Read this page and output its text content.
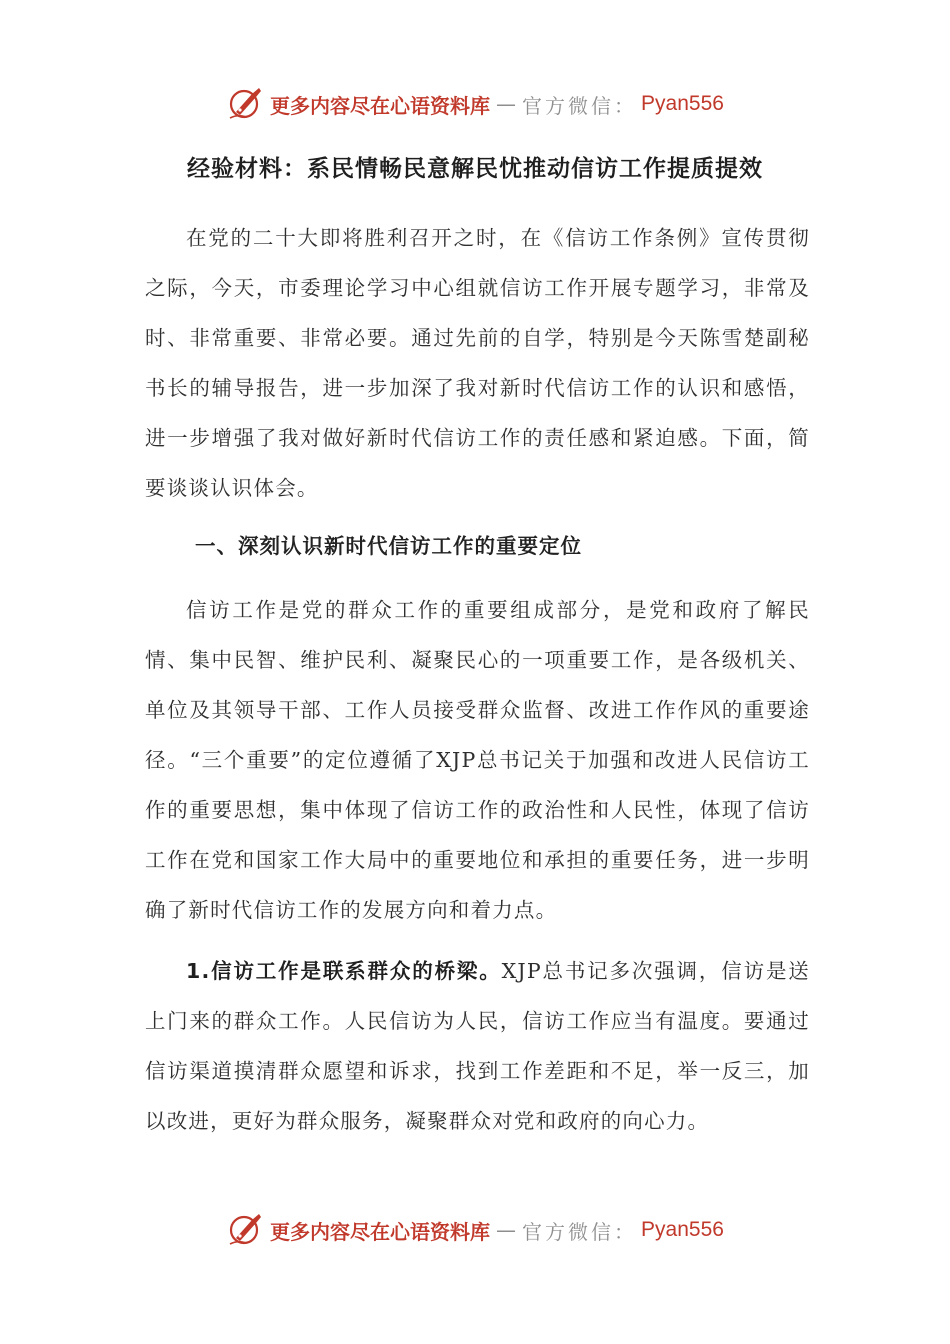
更多内容尽在心语资料库 — 官方微信： Pyan556
经验材料：系民情畅民意解民忧推动信访工作提质提效

在党的二十大即将胜利召开之时，在《信访工作条例》宣传贯彻之际，今天，市委理论学习中心组就信访工作开展专题学习，非常及时、非常重要、非常必要。通过先前的自学，特别是今天陈雪楚副秘书长的辅导报告，进一步加深了我对新时代信访工作的认识和感悟，进一步增强了我对做好新时代信访工作的责任感和紧迫感。下面，简要谈谈认识体会。

一、深刻认识新时代信访工作的重要定位

信访工作是党的群众工作的重要组成部分，是党和政府了解民情、集中民智、维护民利、凝聚民心的一项重要工作，是各级机关、单位及其领导干部、工作人员接受群众监督、改进工作作风的重要途径。“三个重要”的定位遵循了XJP总书记关于加强和改进人民信访工作的重要思想，集中体现了信访工作的政治性和人民性，体现了信访工作在党和国家工作大局中的重要地位和承担的重要任务，进一步明确了新时代信访工作的发展方向和着力点。

1.信访工作是联系群众的桥梁。XJP总书记多次强调，信访是送上门来的群众工作。人民信访为人民，信访工作应当有温度。要通过信访渠道摸清群众愿望和诉求，找到工作差距和不足，举一反三，加以改进，更好为群众服务，凝聚群众对党和政府的向心力。

更多内容尽在心语资料库 — 官方微信： Pyan556
